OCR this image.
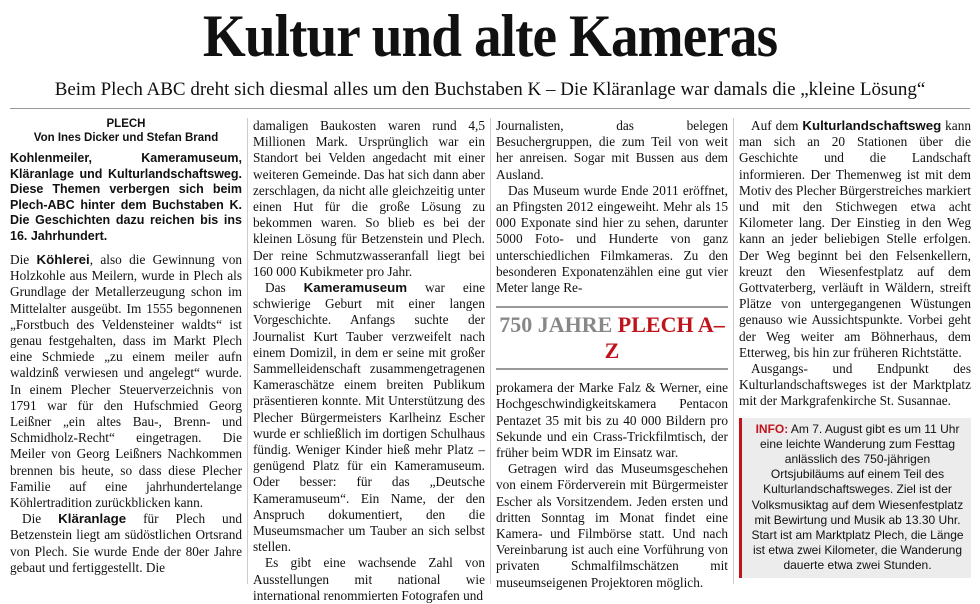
Kultur und alte Kameras
Beim Plech ABC dreht sich diesmal alles um den Buchstaben K – Die Kläranlage war damals die „kleine Lösung“

PLECH

Von Ines Dicker und Stefan Brand

Kohlenmeiler, Kameramuseum, Kläranlage und Kulturlandschaftsweg. Diese Themen verbergen sich beim Plech-ABC hinter dem Buchstaben K. Die Geschichten dazu reichen bis ins 16. Jahrhundert.

Die Köhlerei, also die Gewinnung von Holzkohle aus Meilern, wurde in Plech als Grundlage der Metallerzeugung schon im Mittelalter ausgeübt. Im 1555 begonnenen „Forstbuch des Veldensteiner waldts“ ist genau festgehalten, dass im Markt Plech eine Schmiede „zu einem meiler aufn waldzinß verwiesen und angelegt“ wurde. In einem Plecher Steuerverzeichnis von 1791 war für den Hufschmied Georg Leißner „ein altes Bau-, Brenn- und Schmidholz-Recht“ eingetragen. Die Meiler von Georg Leißners Nachkommen brennen bis heute, so dass diese Plecher Familie auf eine jahrhundertelange Köhlertradition zurückblicken kann.

Die Kläranlage für Plech und Betzenstein liegt am südöstlichen Ortsrand von Plech. Sie wurde Ende der 80er Jahre gebaut und fertiggestellt. Die

damaligen Baukosten waren rund 4,5 Millionen Mark. Ursprünglich war ein Standort bei Velden angedacht mit einer weiteren Gemeinde. Das hat sich dann aber zerschlagen, da nicht alle gleichzeitig unter einen Hut für die große Lösung zu bekommen waren. So blieb es bei der kleinen Lösung für Betzenstein und Plech. Der reine Schmutzwasseranfall liegt bei 160 000 Kubikmeter pro Jahr.

Das Kameramuseum war eine schwierige Geburt mit einer langen Vorgeschichte. Anfangs suchte der Journalist Kurt Tauber verzweifelt nach einem Domizil, in dem er seine mit großer Sammelleidenschaft zusammengetragenen Kameraschätze einem breiten Publikum präsentieren konnte. Mit Unterstützung des Plecher Bürgermeisters Karlheinz Escher wurde er schließlich im dortigen Schulhaus fündig. Weniger Kinder hieß mehr Platz – genügend Platz für ein Kameramuseum. Oder besser: für das „Deutsche Kameramuseum“. Ein Name, der den Anspruch dokumentiert, den die Museumsmacher um Tauber an sich selbst stellen.

Es gibt eine wachsende Zahl von Ausstellungen mit national wie international renommierten Fotografen und

Journalisten, das belegen Besuchergruppen, die zum Teil von weit her anreisen. Sogar mit Bussen aus dem Ausland.

Das Museum wurde Ende 2011 eröffnet, an Pfingsten 2012 eingeweiht. Mehr als 15 000 Exponate sind hier zu sehen, darunter 5000 Foto- und Hunderte von ganz unterschiedlichen Filmkameras. Zu den besonderen Exponatenzählen eine gut vier Meter lange Re-

750 JAHRE PLECH A–Z

prokamera der Marke Falz & Werner, eine Hochgeschwindigkeitskamera Pentacon Pentazet 35 mit bis zu 40 000 Bildern pro Sekunde und ein Crass-Trickfilmtisch, der früher beim WDR im Einsatz war.

Getragen wird das Museumsgeschehen von einem Förderverein mit Bürgermeister Escher als Vorsitzendem. Jeden ersten und dritten Sonntag im Monat findet eine Kamera- und Filmbörse statt. Und nach Vereinbarung ist auch eine Vorführung von privaten Schmalfilmschätzen mit museumseigenen Projektoren möglich.

Auf dem Kulturlandschaftsweg kann man sich an 20 Stationen über die Geschichte und die Landschaft informieren. Der Themenweg ist mit dem Motiv des Plecher Bürgerstreiches markiert und mit den Stichwegen etwa acht Kilometer lang. Der Einstieg in den Weg kann an jeder beliebigen Stelle erfolgen. Der Weg beginnt bei den Felsenkellern, kreuzt den Wiesenfestplatz auf dem Gottvaterberg, verläuft in Wäldern, streift Plätze von untergegangenen Wüstungen genauso wie Aussichtspunkte. Vorbei geht der Weg weiter am Böhnerhaus, dem Etterweg, bis hin zur früheren Richtstätte.

Ausgangs- und Endpunkt des Kulturlandschaftsweges ist der Marktplatz mit der Markgrafenkirche St. Susannae.

INFO: Am 7. August gibt es um 11 Uhr eine leichte Wanderung zum Festtag anlässlich des 750-jährigen Ortsjubiläums auf einem Teil des Kulturlandschaftsweges. Ziel ist der Volksmusiktag auf dem Wiesenfestplatz mit Bewirtung und Musik ab 13.30 Uhr. Start ist am Marktplatz Plech, die Länge ist etwa zwei Kilometer, die Wanderung dauerte etwa zwei Stunden.
